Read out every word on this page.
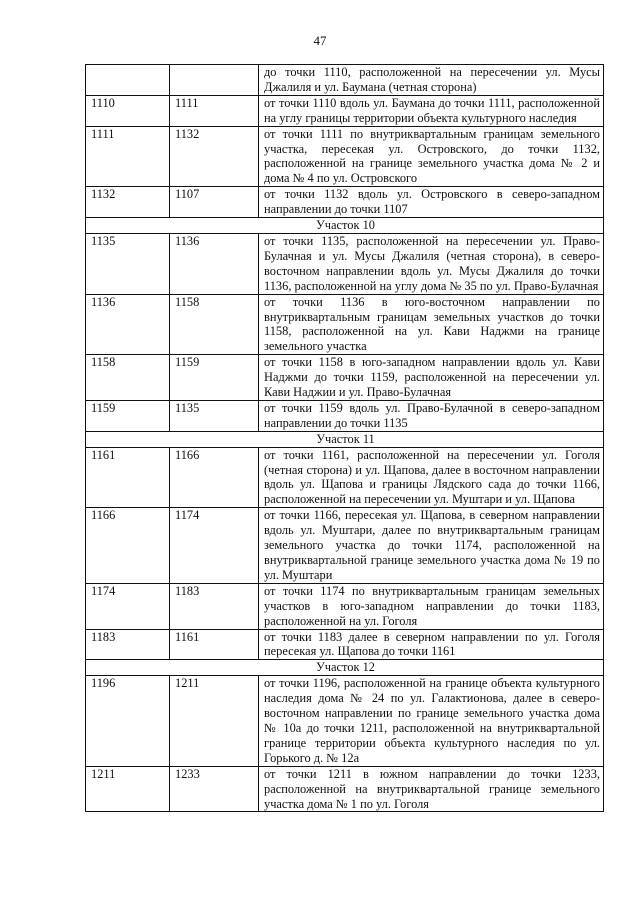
47
		до точки 1110, расположенной на пересечении ул. Мусы Джалиля и ул. Баумана (четная сторона)
1110	1111	от точки 1110 вдоль ул. Баумана до точки 1111, расположенной на углу границы территории объекта культурного наследия
1111	1132	от точки 1111 по внутриквартальным границам земельного участка, пересекая ул. Островского, до точки 1132, расположенной на границе земельного участка дома № 2 и дома № 4 по ул. Островского
1132	1107	от точки 1132 вдоль ул. Островского в северо-западном направлении до точки 1107
Участок 10		
1135	1136	от точки 1135, расположенной на пересечении ул. Право-Булачная и ул. Мусы Джалиля (четная сторона), в северо-восточном направлении вдоль ул. Мусы Джалиля до точки 1136, расположенной на углу дома № 35 по ул. Право-Булачная
1136	1158	от точки 1136 в юго-восточном направлении по внутриквартальным границам земельных участков до точки 1158, расположенной на ул. Кави Наджми на границе земельного участка
1158	1159	от точки 1158 в юго-западном направлении вдоль ул. Кави Наджми до точки 1159, расположенной на пересечении ул. Кави Наджии и ул. Право-Булачная
1159	1135	от точки 1159 вдоль ул. Право-Булачной в северо-западном направлении до точки 1135
Участок 11		
1161	1166	от точки 1161, расположенной на пересечении ул. Гоголя (четная сторона) и ул. Щапова, далее в восточном направлении вдоль ул. Щапова и границы Лядского сада до точки 1166, расположенной на пересечении ул. Муштари и ул. Щапова
1166	1174	от точки 1166, пересекая ул. Щапова, в северном направлении вдоль ул. Муштари, далее по внутриквартальным границам земельного участка до точки 1174, расположенной на внутриквартальной границе земельного участка дома № 19 по ул. Муштари
1174	1183	от точки 1174 по внутриквартальным границам земельных участков в юго-западном направлении до точки 1183, расположенной на ул. Гоголя
1183	1161	от точки 1183 далее в северном направлении по ул. Гоголя пересекая ул. Щапова до точки 1161
Участок 12		
1196	1211	от точки 1196, расположенной на границе объекта культурного наследия дома № 24 по ул. Галактионова, далее в северо-восточном направлении по границе земельного участка дома № 10а до точки 1211, расположенной на внутриквартальной границе территории объекта культурного наследия по ул. Горького д. № 12а
1211	1233	от точки 1211 в южном направлении до точки 1233, расположенной на внутриквартальной границе земельного участка дома № 1 по ул. Гоголя
